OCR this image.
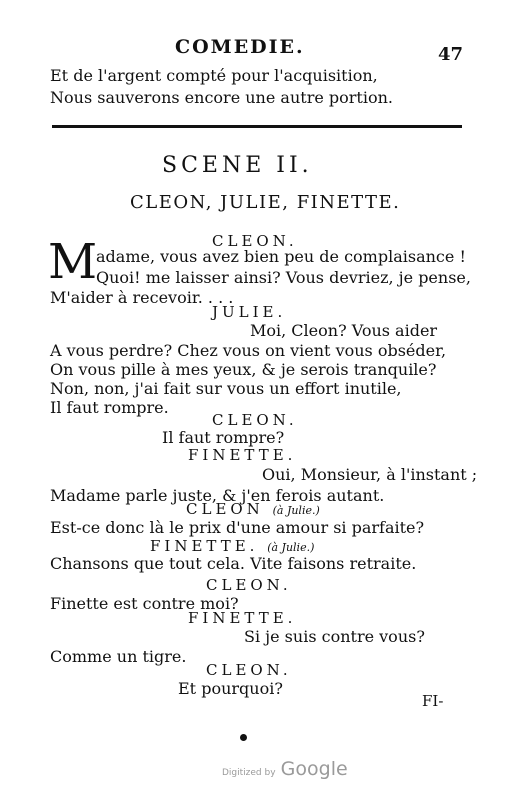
COMEDIE.	47
Et de l'argent compté pour l'acquisition,
Nous sauverons encore une autre portion.
SCENE II.
CLEON, JULIE, FINETTE.
CLEON.
M
adame, vous avez bien peu de complaisance !
Quoi! me laisser ainsi? Vous devriez, je pense,
M'aider à recevoir. . . .
JULIE.
Moi, Cleon? Vous aider
A vous perdre? Chez vous on vient vous obséder,
On vous pille à mes yeux, & je serois tranquile?
Non, non, j'ai fait sur vous un effort inutile,
Il faut rompre.
CLEON.
Il faut rompre?
FINETTE.
Oui, Monsieur, à l'instant ;
Madame parle juste, & j'en ferois autant.
CLEON (à Julie.)
Est-ce donc là le prix d'une amour si parfaite?
FINETTE. (à Julie.)
Chansons que tout cela. Vite faisons retraite.
CLEON.
Finette est contre moi?
FINETTE.
Si je suis contre vous?
Comme un tigre.
CLEON.
Et pourquoi?
FI-
Digitized by Google
